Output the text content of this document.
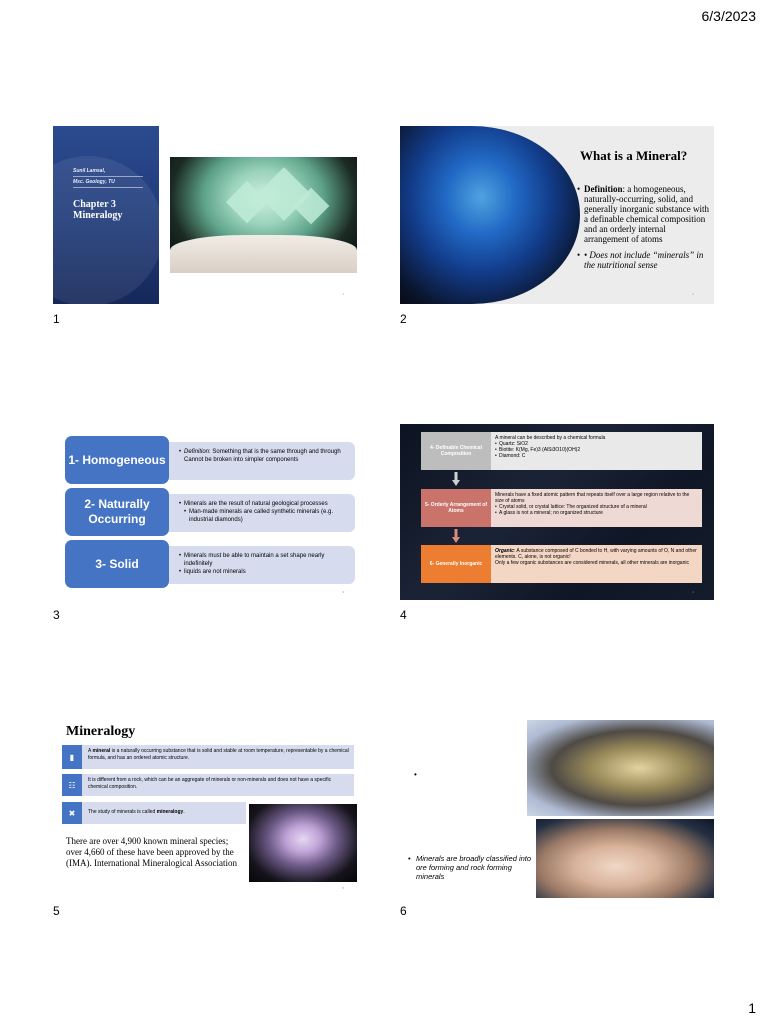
6/3/2023
Sunil Lamsal,
Msc. Geology, TU
Chapter 3
Mineralogy
1
1
What is a Mineral?
• Definition: a homogeneous, naturally-occurring, solid, and generally inorganic substance with a definable chemical composition and an orderly internal arrangement of atoms
• • Does not include “minerals” in the nutritional sense
2
2
• Definition: Something that is the same through and through Cannot be broken into simpler components
1- Homogeneous
• Minerals are the result of natural geological processes
• Man-made minerals are called synthetic minerals (e.g. industrial diamonds)
2- Naturally Occurring
• Minerals must be able to maintain a set shape nearly indefinitely
• liquids are not minerals
3- Solid
3
3
4- Definable Chemical Composition
A mineral can be described by a chemical formula
• Quartz: SiO2
• Biotite: K(Mg, Fe)3 (AlSi3O10)(OH)2
• Diamond: C
5- Orderly Arrangement of Atoms
Minerals have a fixed atomic pattern that repeats itself over a large region relative to the size of atoms
• Crystal solid, or crystal lattice: The organized structure of a mineral
• A glass is not a mineral; no organized structure
6- Generally Inorganic
Organic: A substance composed of C bonded to H, with varying amounts of O, N and other elements. C, alone, is not organic!
Only a few organic substances are considered minerals, all other minerals are inorganic
4
4
Mineralogy
▮
A mineral is a naturally occurring substance that is solid and stable at room temperature, representable by a chemical formula, and has an ordered atomic structure.
☷
It is different from a rock, which can be an aggregate of minerals or non-minerals and does not have a specific chemical composition.
✖	The study of minerals is called mineralogy.
There are over 4,900 known mineral species; over 4,660 of these have been approved by the (IMA). International Mineralogical Association
5
5
•
• Minerals are broadly classified into ore forming and rock forming minerals
6
1
